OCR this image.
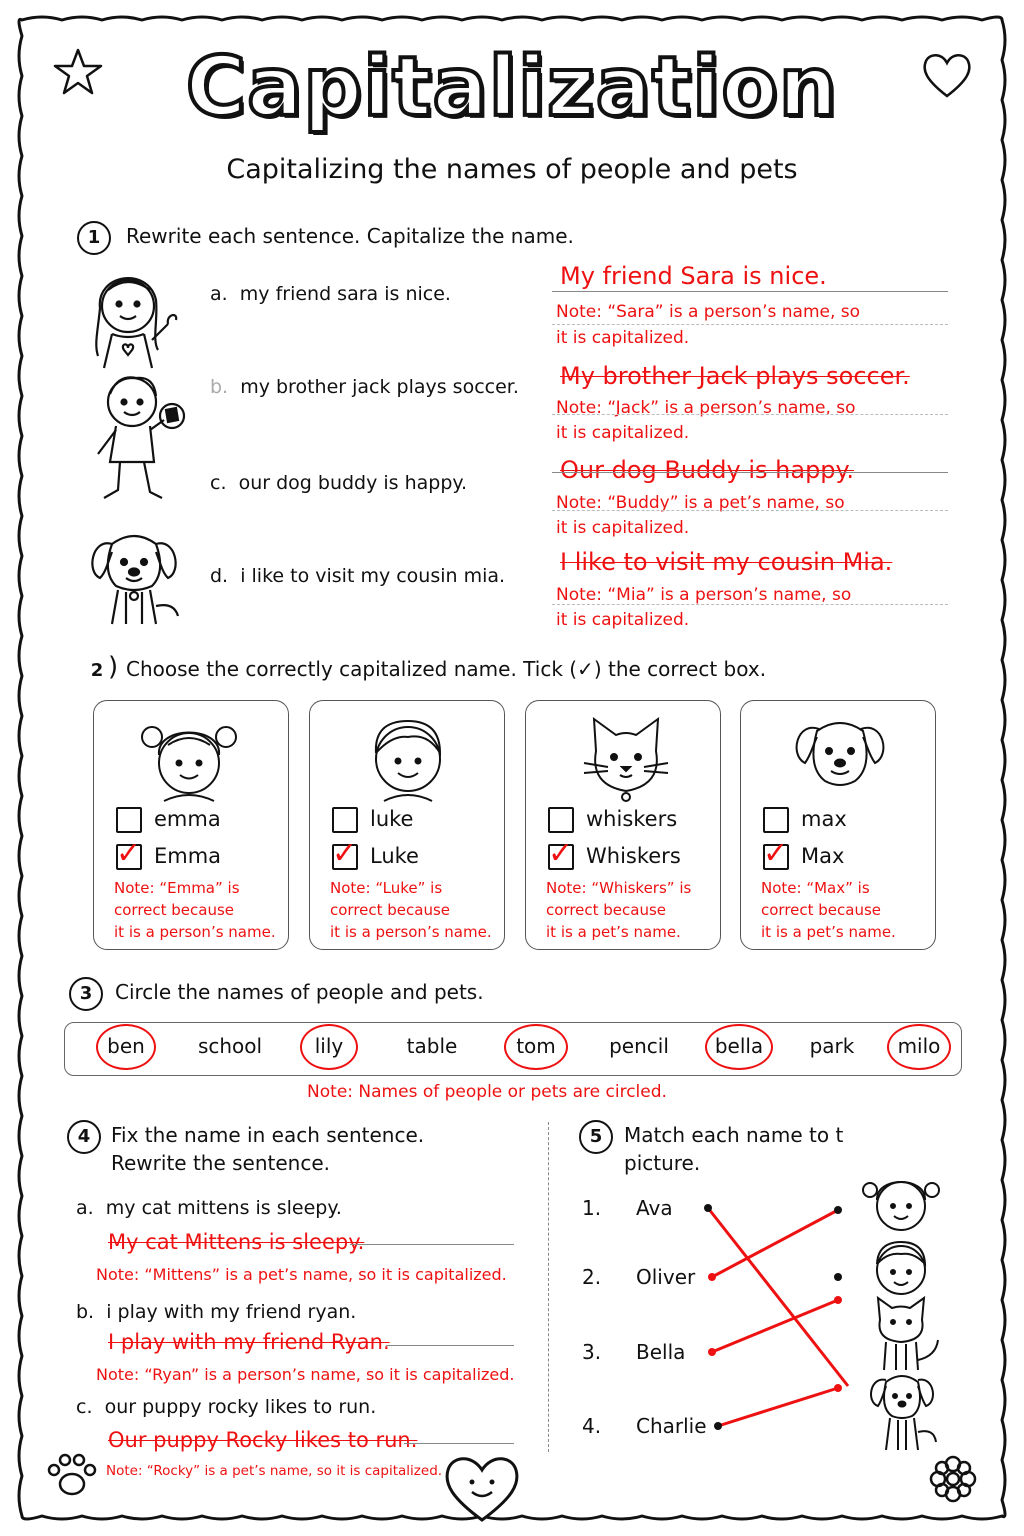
Capitalization
Capitalizing the names of people and pets
1	Rewrite each sentence. Capitalize the name.
a. my friend sara is nice.
b. my brother jack plays soccer.
c. our dog buddy is happy.
d. i like to visit my cousin mia.
My friend Sara is nice.
Note: “Sara” is a person’s name, so
it is capitalized.
My brother Jack plays soccer.
Note: “Jack” is a person’s name, so
it is capitalized.
Our dog Buddy is happy.
Note: “Buddy” is a pet’s name, so
it is capitalized.
I like to visit my cousin Mia.
Note: “Mia” is a person’s name, so
it is capitalized.
2 ) Choose the correctly capitalized name. Tick (✓) the correct box.
emma
✓ Emma
Note: “Emma” is
correct because
it is a person’s name.
luke
✓ Luke
Note: “Luke” is
correct because
it is a person’s name.
whiskers
✓ Whiskers
Note: “Whiskers” is
correct because
it is a pet’s name.
max
✓ Max
Note: “Max” is
correct because
it is a pet’s name.
3	Circle the names of people and pets.
ben	school	lily	table	tom	pencil	bella	park	milo
Note: Names of people or pets are circled.
4	Fix the name in each sentence.
Rewrite the sentence.
a. my cat mittens is sleepy.
My cat Mittens is sleepy.
Note: “Mittens” is a pet’s name, so it is capitalized.
b. i play with my friend ryan.
I play with my friend Ryan.
Note: “Ryan” is a person’s name, so it is capitalized.
c. our puppy rocky likes to run.
Our puppy Rocky likes to run.
Note: “Rocky” is a pet’s name, so it is capitalized.
5	Match each name to t
picture.
1. Ava
2. Oliver
3. Bella
4. Charlie
